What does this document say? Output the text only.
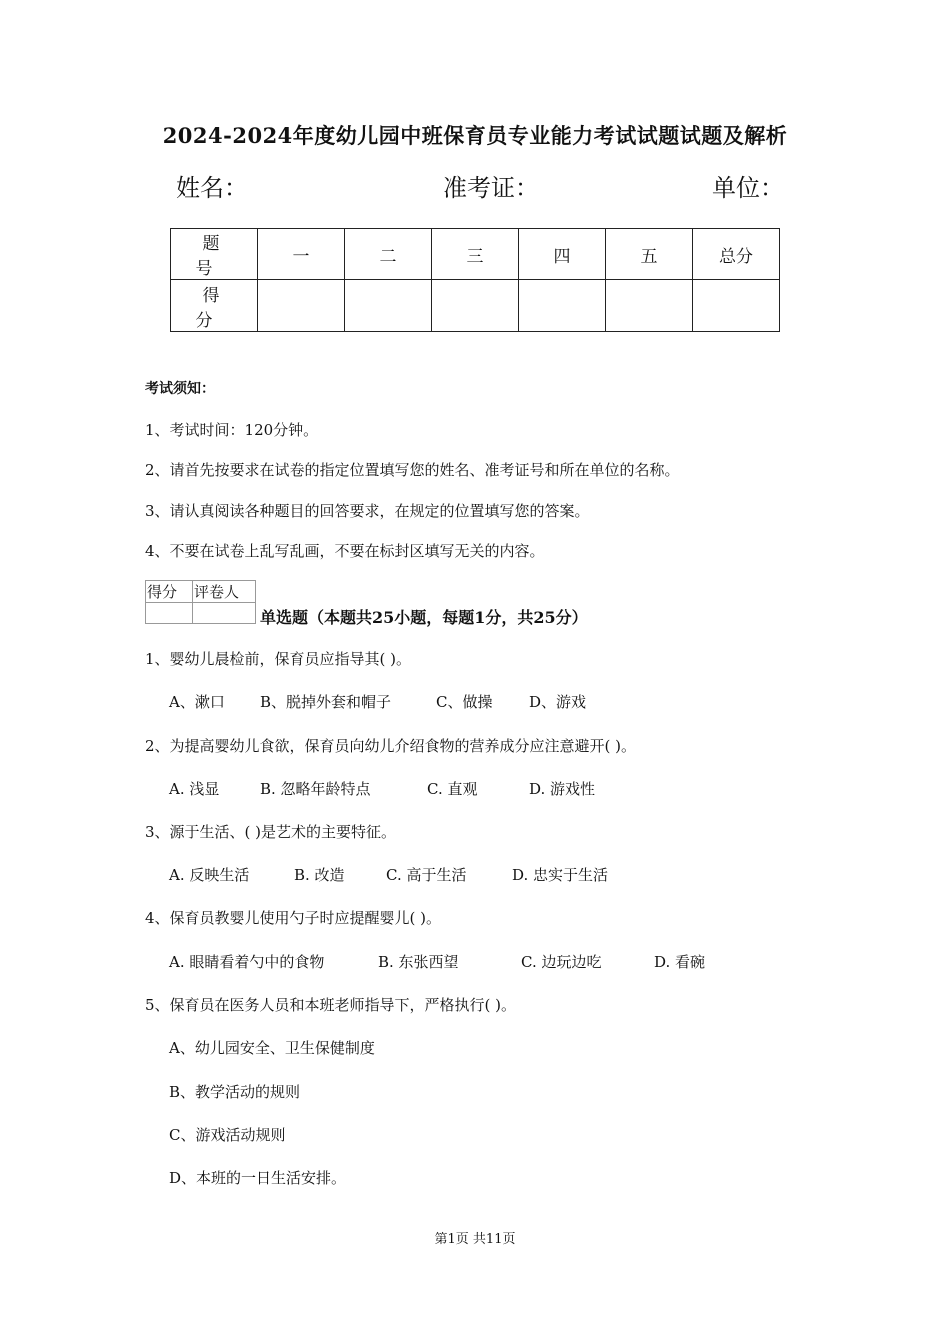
2024-2024年度幼儿园中班保育员专业能力考试试题试题及解析
姓名：	准考证：	单位：
题号	一	二	三	四	五	总分
得分						
考试须知：
1、考试时间：120分钟。
2、请首先按要求在试卷的指定位置填写您的姓名、准考证号和所在单位的名称。
3、请认真阅读各种题目的回答要求，在规定的位置填写您的答案。
4、不要在试卷上乱写乱画，不要在标封区填写无关的内容。
得分	评卷人

单选题（本题共25小题，每题1分，共25分）
1、婴幼儿晨检前，保育员应指导其( )。
A、漱口 B、脱掉外套和帽子	C、做操 D、游戏
2、为提高婴幼儿食欲，保育员向幼儿介绍食物的营养成分应注意避开( )。
A. 浅显	B. 忽略年龄特点	C. 直观	D. 游戏性
3、源于生活、( )是艺术的主要特征。
A. 反映生活	B. 改造	C. 高于生活	D. 忠实于生活
4、保育员教婴儿使用勺子时应提醒婴儿( )。
A. 眼睛看着勺中的食物	B. 东张西望	C. 边玩边吃	D. 看碗
5、保育员在医务人员和本班老师指导下，严格执行( )。
A、幼儿园安全、卫生保健制度
B、教学活动的规则
C、游戏活动规则
D、本班的一日生活安排。
第1页 共11页
